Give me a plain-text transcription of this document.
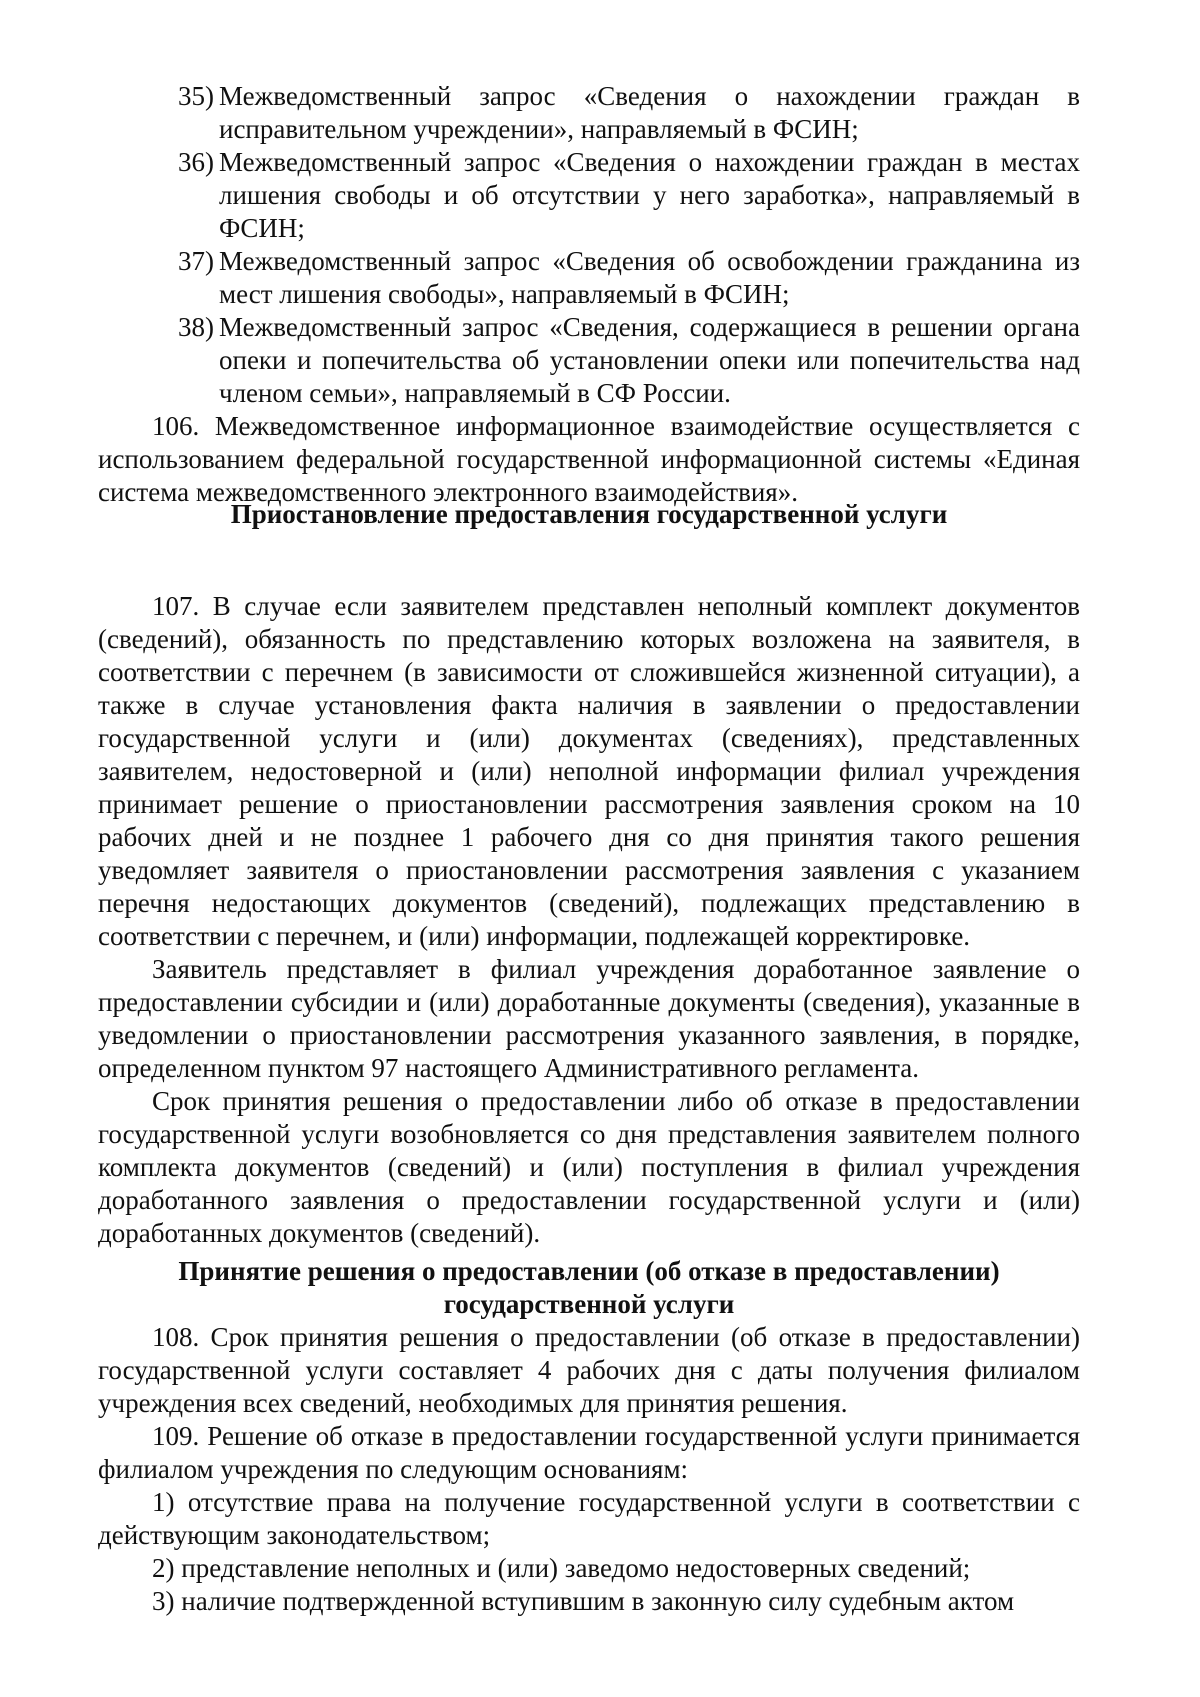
35) Межведомственный запрос «Сведения о нахождении граждан в исправительном учреждении», направляемый в ФСИН;
36) Межведомственный запрос «Сведения о нахождении граждан в местах лишения свободы и об отсутствии у него заработка», направляемый в ФСИН;
37) Межведомственный запрос «Сведения об освобождении гражданина из мест лишения свободы», направляемый в ФСИН;
38) Межведомственный запрос «Сведения, содержащиеся в решении органа опеки и попечительства об установлении опеки или попечительства над членом семьи», направляемый в СФ России.
106. Межведомственное информационное взаимодействие осуществляется с использованием федеральной государственной информационной системы «Единая система межведомственного электронного взаимодействия».
Приостановление предоставления государственной услуги
107. В случае если заявителем представлен неполный комплект документов (сведений), обязанность по представлению которых возложена на заявителя, в соответствии с перечнем (в зависимости от сложившейся жизненной ситуации), а также в случае установления факта наличия в заявлении о предоставлении государственной услуги и (или) документах (сведениях), представленных заявителем, недостоверной и (или) неполной информации филиал учреждения принимает решение о приостановлении рассмотрения заявления сроком на 10 рабочих дней и не позднее 1 рабочего дня со дня принятия такого решения уведомляет заявителя о приостановлении рассмотрения заявления с указанием перечня недостающих документов (сведений), подлежащих представлению в соответствии с перечнем, и (или) информации, подлежащей корректировке.
Заявитель представляет в филиал учреждения доработанное заявление о предоставлении субсидии и (или) доработанные документы (сведения), указанные в уведомлении о приостановлении рассмотрения указанного заявления, в порядке, определенном пунктом 97 настоящего Административного регламента.
Срок принятия решения о предоставлении либо об отказе в предоставлении государственной услуги возобновляется со дня представления заявителем полного комплекта документов (сведений) и (или) поступления в филиал учреждения доработанного заявления о предоставлении государственной услуги и (или) доработанных документов (сведений).
Принятие решения о предоставлении (об отказе в предоставлении)
государственной услуги
108. Срок принятия решения о предоставлении (об отказе в предоставлении) государственной услуги составляет 4 рабочих дня с даты получения филиалом учреждения всех сведений, необходимых для принятия решения.
109. Решение об отказе в предоставлении государственной услуги принимается филиалом учреждения по следующим основаниям:
1) отсутствие права на получение государственной услуги в соответствии с действующим законодательством;
2) представление неполных и (или) заведомо недостоверных сведений;
3) наличие подтвержденной вступившим в законную силу судебным актом
